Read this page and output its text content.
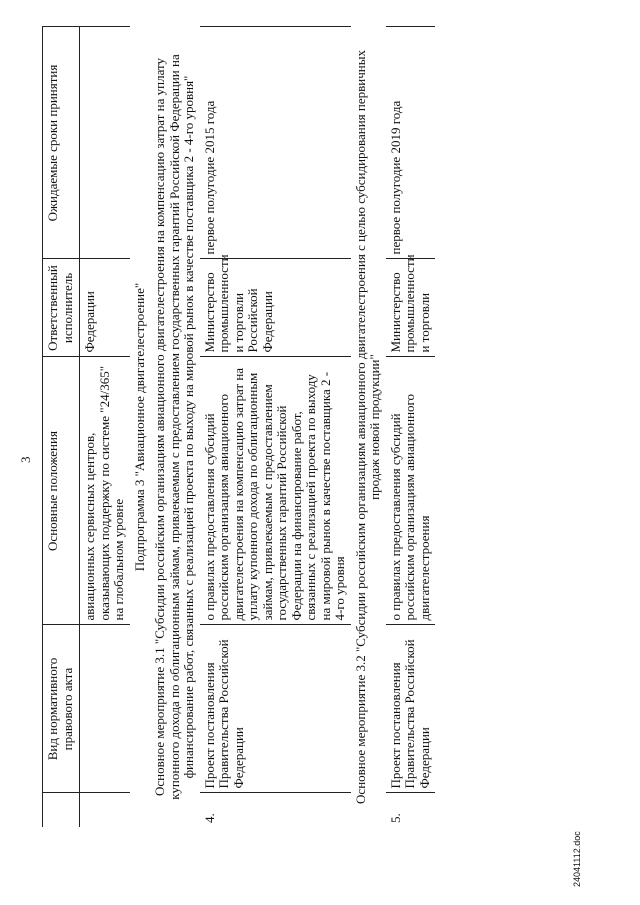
3
24041112.doc
	Вид нормативного правового акта	Основные положения	Ответственный исполнитель	Ожидаемые сроки принятия
		авиационных сервисных центров, оказывающих поддержку по системе "24/365" на глобальном уровне	Федерации	
Подпрограмма 3 "Авиационное двигателестроение"				
Основное мероприятие 3.1 "Субсидии российским организациям авиационного двигателестроения на компенсацию затрат на уплату купонного дохода по облигационным займам, привлекаемым с предоставлением государственных гарантий Российской Федерации на финансирование работ, связанных с реализацией проекта по выходу на мировой рынок в качестве поставщика 2 - 4-го уровня"				
4.	Проект постановления Правительства Российской Федерации	о правилах предоставления субсидий российским организациям авиационного двигателестроения на компенсацию затрат на уплату купонного дохода по облигационным займам, привлекаемым с предоставлением государственных гарантий Российской Федерации на финансирование работ, связанных с реализацией проекта по выходу на мировой рынок в качестве поставщика 2 - 4-го уровня	Министерство промышленности и торговли Российской Федерации	первое полугодие 2015 года
Основное мероприятие 3.2 "Субсидии российским организациям авиационного двигателестроения с целью субсидирования первичных продаж новой продукции"				
5.	Проект постановления Правительства Российской Федерации	о правилах предоставления субсидий российским организациям авиационного двигателестроения	Министерство промышленности и торговли	первое полугодие 2019 года
